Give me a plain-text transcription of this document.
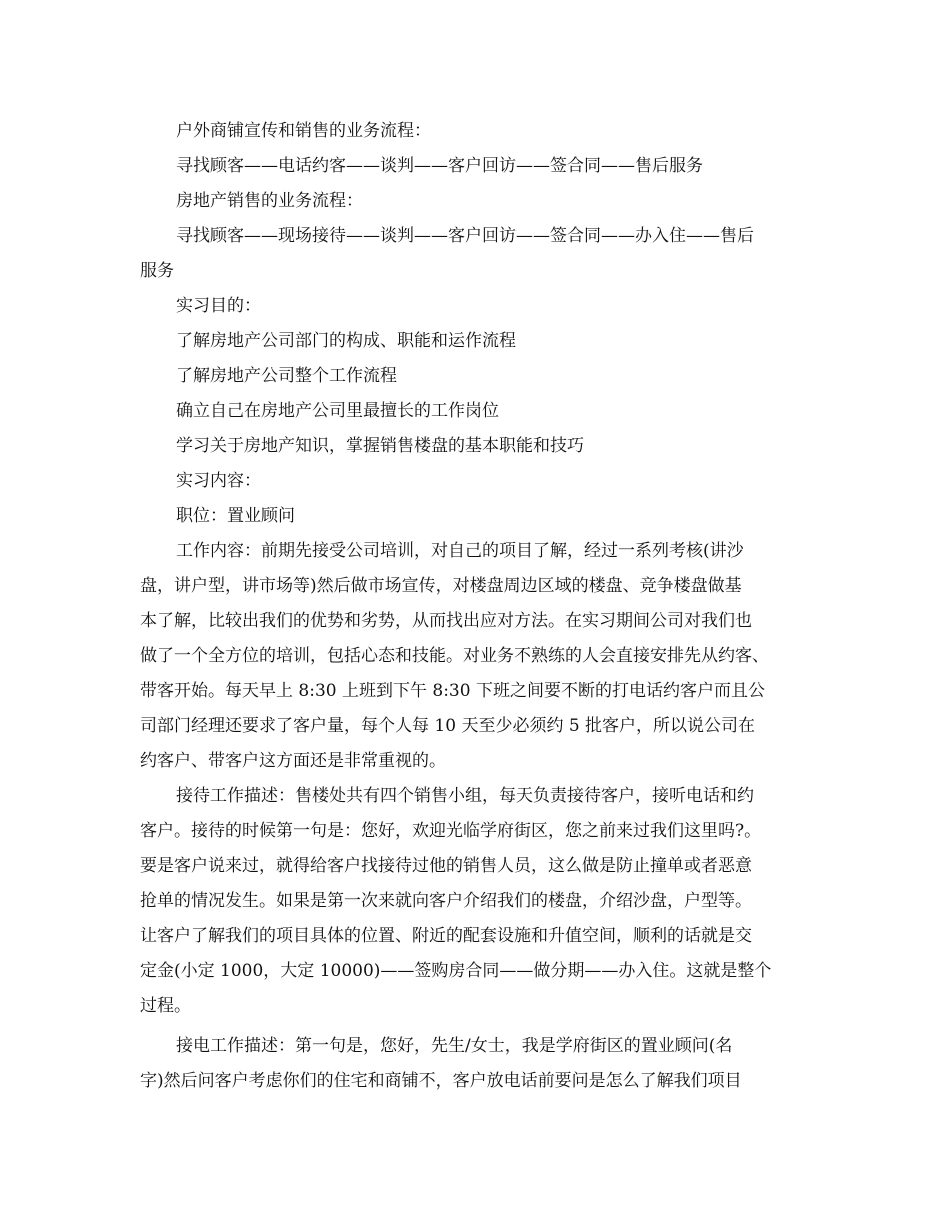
户外商铺宣传和销售的业务流程：
寻找顾客——电话约客——谈判——客户回访——签合同——售后服务
房地产销售的业务流程：
寻找顾客——现场接待——谈判——客户回访——签合同——办入住——售后
服务
实习目的：
了解房地产公司部门的构成、职能和运作流程
了解房地产公司整个工作流程
确立自己在房地产公司里最擅长的工作岗位
学习关于房地产知识，掌握销售楼盘的基本职能和技巧
实习内容：
职位：置业顾问
工作内容：前期先接受公司培训，对自己的项目了解，经过一系列考核(讲沙
盘，讲户型，讲市场等)然后做市场宣传，对楼盘周边区域的楼盘、竞争楼盘做基
本了解，比较出我们的优势和劣势，从而找出应对方法。在实习期间公司对我们也
做了一个全方位的培训，包括心态和技能。对业务不熟练的人会直接安排先从约客、
带客开始。每天早上 8:30 上班到下午 8:30 下班之间要不断的打电话约客户而且公
司部门经理还要求了客户量，每个人每 10 天至少必须约 5 批客户，所以说公司在
约客户、带客户这方面还是非常重视的。
接待工作描述：售楼处共有四个销售小组，每天负责接待客户，接听电话和约
客户。接待的时候第一句是：您好，欢迎光临学府街区，您之前来过我们这里吗?。
要是客户说来过，就得给客户找接待过他的销售人员，这么做是防止撞单或者恶意
抢单的情况发生。如果是第一次来就向客户介绍我们的楼盘，介绍沙盘，户型等。
让客户了解我们的项目具体的位置、附近的配套设施和升值空间，顺利的话就是交
定金(小定 1000，大定 10000)——签购房合同——做分期——办入住。这就是整个
过程。
接电工作描述：第一句是，您好，先生/女士，我是学府街区的置业顾问(名
字)然后问客户考虑你们的住宅和商铺不，客户放电话前要问是怎么了解我们项目
